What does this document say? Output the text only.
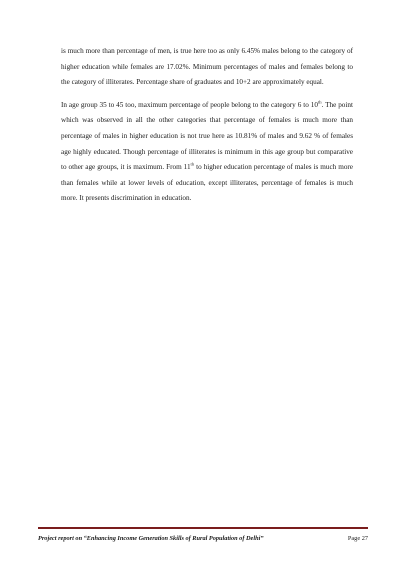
is much more than percentage of men, is true here too as only 6.45% males belong to the category of higher education while females are 17.02%. Minimum percentages of males and females belong to the category of illiterates. Percentage share of graduates and 10+2 are approximately equal.

In age group 35 to 45 too, maximum percentage of people belong to the category 6 to 10th. The point which was observed in all the other categories that percentage of females is much more than percentage of males in higher education is not true here as 10.81% of males and 9.62 % of females age highly educated. Though percentage of illiterates is minimum in this age group but comparative to other age groups, it is maximum. From 11th to higher education percentage of males is much more than females while at lower levels of education, except illiterates, percentage of females is much more. It presents discrimination in education.

Project report on “Enhancing Income Generation Skills of Rural Population of Delhi”	Page 27
